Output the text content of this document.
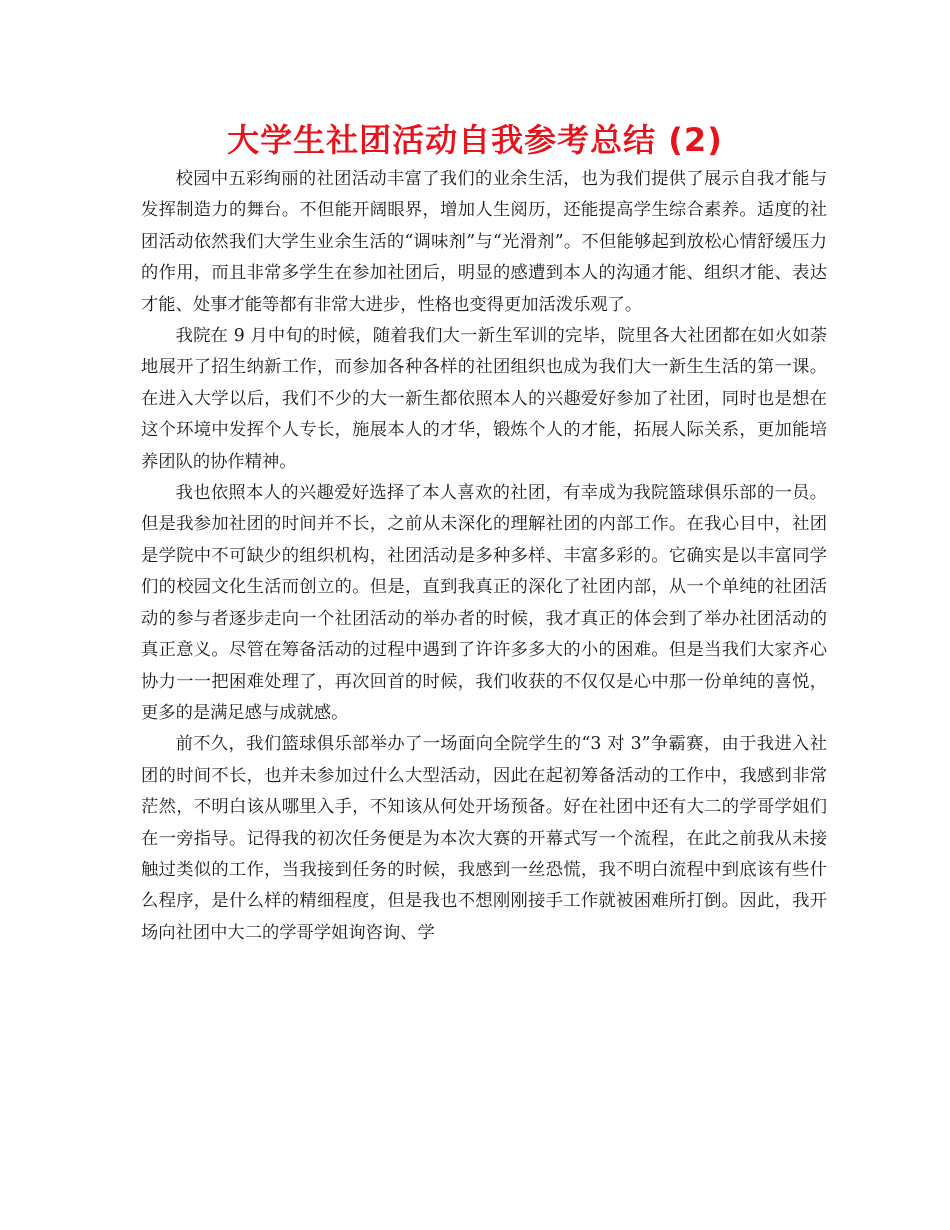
大学生社团活动自我参考总结 (2)

校园中五彩绚丽的社团活动丰富了我们的业余生活，也为我们提供了展示自我才能与发挥制造力的舞台。不但能开阔眼界，增加人生阅历，还能提高学生综合素养。适度的社团活动依然我们大学生业余生活的“调味剂”与“光滑剂”。不但能够起到放松心情舒缓压力的作用，而且非常多学生在参加社团后，明显的感遭到本人的沟通才能、组织才能、表达才能、处事才能等都有非常大进步，性格也变得更加活泼乐观了。

我院在 9 月中旬的时候，随着我们大一新生军训的完毕，院里各大社团都在如火如荼地展开了招生纳新工作，而参加各种各样的社团组织也成为我们大一新生生活的第一课。在进入大学以后，我们不少的大一新生都依照本人的兴趣爱好参加了社团，同时也是想在这个环境中发挥个人专长，施展本人的才华，锻炼个人的才能，拓展人际关系，更加能培养团队的协作精神。

我也依照本人的兴趣爱好选择了本人喜欢的社团，有幸成为我院篮球俱乐部的一员。但是我参加社团的时间并不长，之前从未深化的理解社团的内部工作。在我心目中，社团是学院中不可缺少的组织机构，社团活动是多种多样、丰富多彩的。它确实是以丰富同学们的校园文化生活而创立的。但是，直到我真正的深化了社团内部，从一个单纯的社团活动的参与者逐步走向一个社团活动的举办者的时候，我才真正的体会到了举办社团活动的真正意义。尽管在筹备活动的过程中遇到了许许多多大的小的困难。但是当我们大家齐心协力一一把困难处理了，再次回首的时候，我们收获的不仅仅是心中那一份单纯的喜悦，更多的是满足感与成就感。

前不久，我们篮球俱乐部举办了一场面向全院学生的“3 对 3”争霸赛，由于我进入社团的时间不长，也并未参加过什么大型活动，因此在起初筹备活动的工作中，我感到非常茫然，不明白该从哪里入手，不知该从何处开场预备。好在社团中还有大二的学哥学姐们在一旁指导。记得我的初次任务便是为本次大赛的开幕式写一个流程，在此之前我从未接触过类似的工作，当我接到任务的时候，我感到一丝恐慌，我不明白流程中到底该有些什么程序，是什么样的精细程度，但是我也不想刚刚接手工作就被困难所打倒。因此，我开场向社团中大二的学哥学姐询咨询、学
